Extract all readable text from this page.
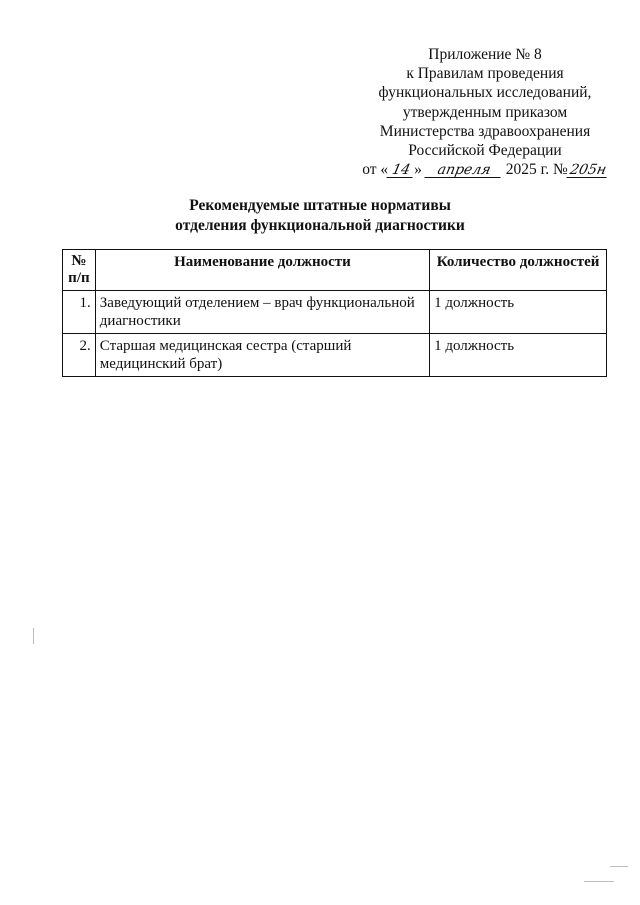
Приложение № 8
к Правилам проведения
функциональных исследований,
утвержденным приказом
Министерства здравоохранения
Российской Федерации
от « 14 » апреля 2025 г. №205н
Рекомендуемые штатные нормативы
отделения функциональной диагностики
№ п/п	Наименование должности	Количество должностей
1.	Заведующий отделением – врач функциональной диагностики	1 должность
2.	Старшая медицинская сестра (старший медицинский брат)	1 должность
